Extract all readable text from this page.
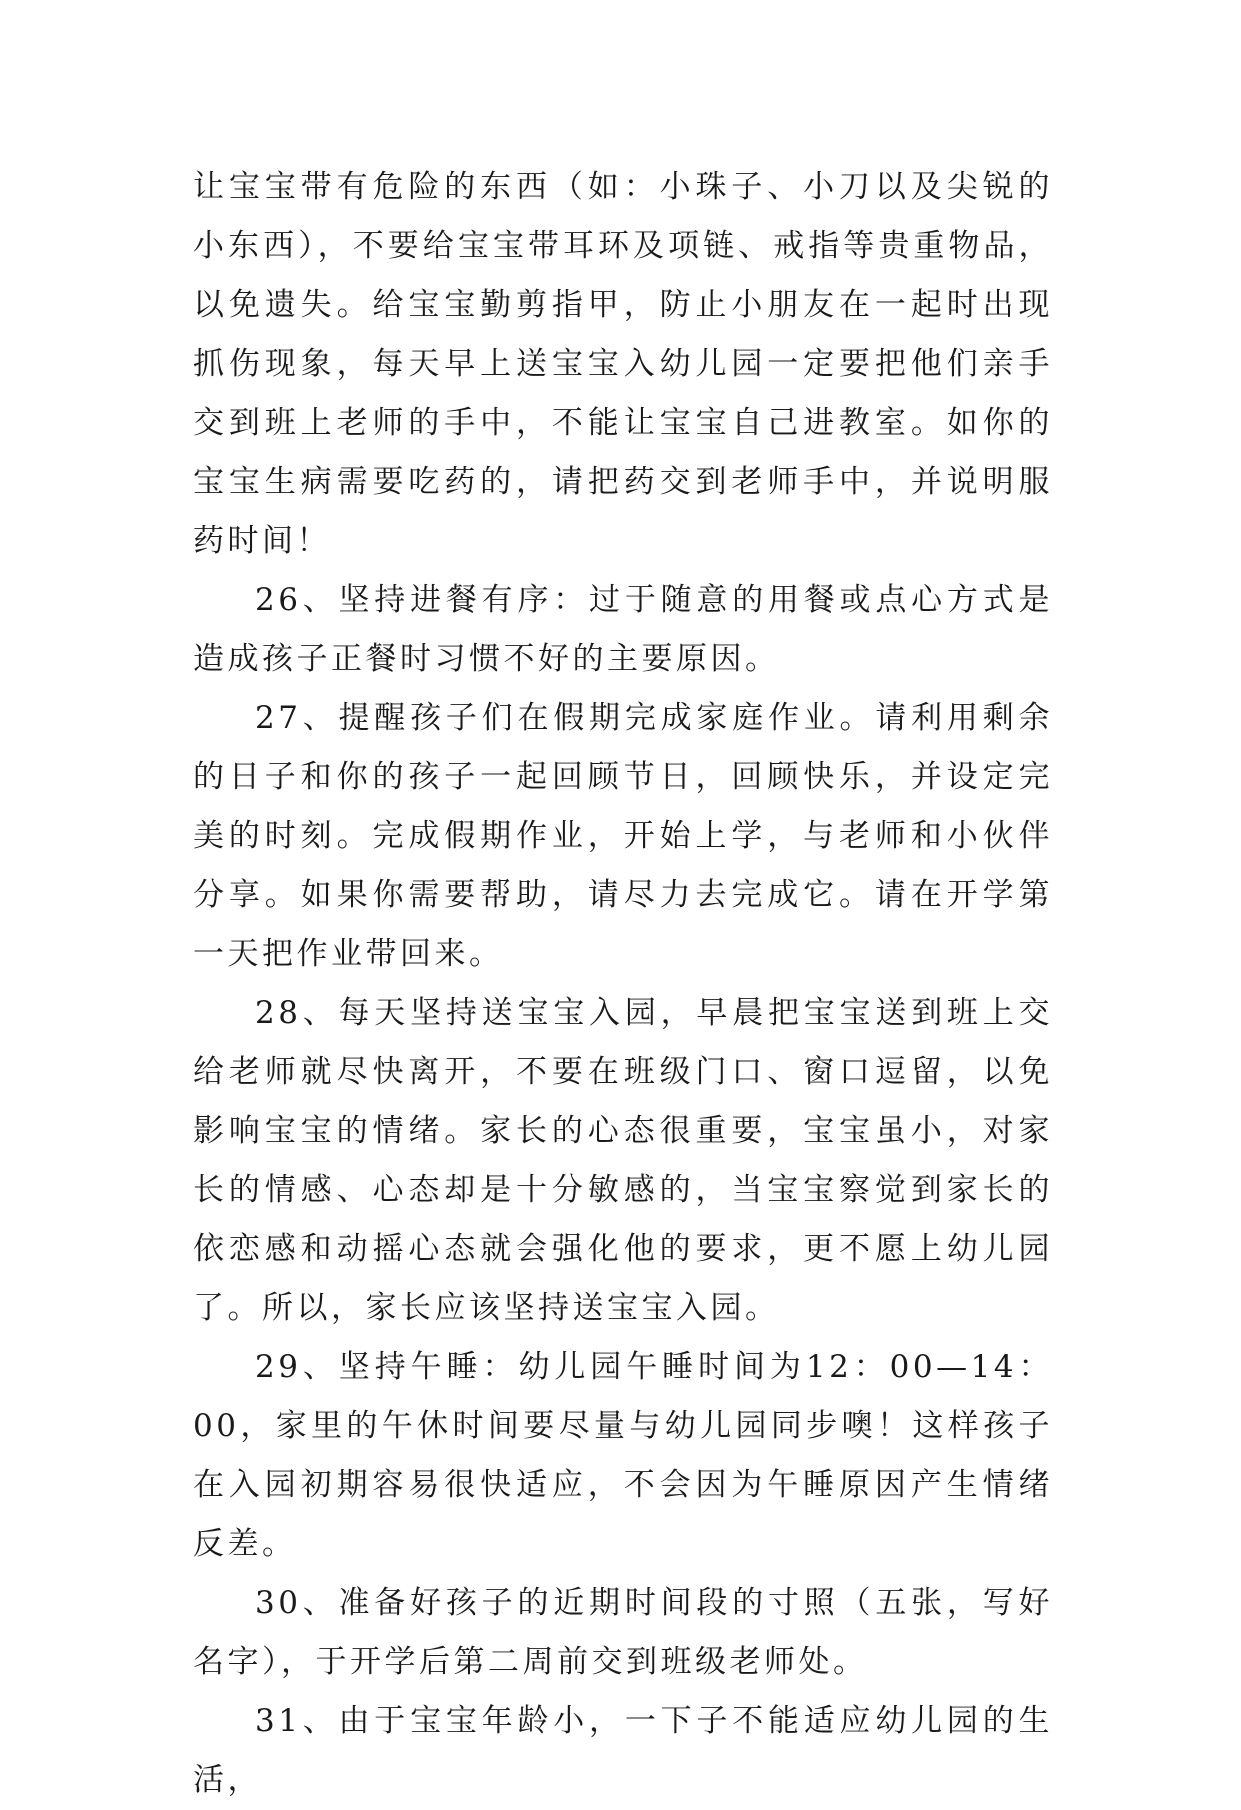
让宝宝带有危险的东西（如：小珠子、小刀以及尖锐的小东西），不要给宝宝带耳环及项链、戒指等贵重物品，以免遗失。给宝宝勤剪指甲，防止小朋友在一起时出现抓伤现象，每天早上送宝宝入幼儿园一定要把他们亲手交到班上老师的手中，不能让宝宝自己进教室。如你的宝宝生病需要吃药的，请把药交到老师手中，并说明服药时间！

26、坚持进餐有序：过于随意的用餐或点心方式是造成孩子正餐时习惯不好的主要原因。

27、提醒孩子们在假期完成家庭作业。请利用剩余的日子和你的孩子一起回顾节日，回顾快乐，并设定完美的时刻。完成假期作业，开始上学，与老师和小伙伴分享。如果你需要帮助，请尽力去完成它。请在开学第一天把作业带回来。

28、每天坚持送宝宝入园，早晨把宝宝送到班上交给老师就尽快离开，不要在班级门口、窗口逗留，以免影响宝宝的情绪。家长的心态很重要，宝宝虽小，对家长的情感、心态却是十分敏感的，当宝宝察觉到家长的依恋感和动摇心态就会强化他的要求，更不愿上幼儿园了。所以，家长应该坚持送宝宝入园。

29、坚持午睡：幼儿园午睡时间为12：00—14：00，家里的午休时间要尽量与幼儿园同步噢！这样孩子在入园初期容易很快适应，不会因为午睡原因产生情绪反差。

30、准备好孩子的近期时间段的寸照（五张，写好名字），于开学后第二周前交到班级老师处。

31、由于宝宝年龄小，一下子不能适应幼儿园的生活，
